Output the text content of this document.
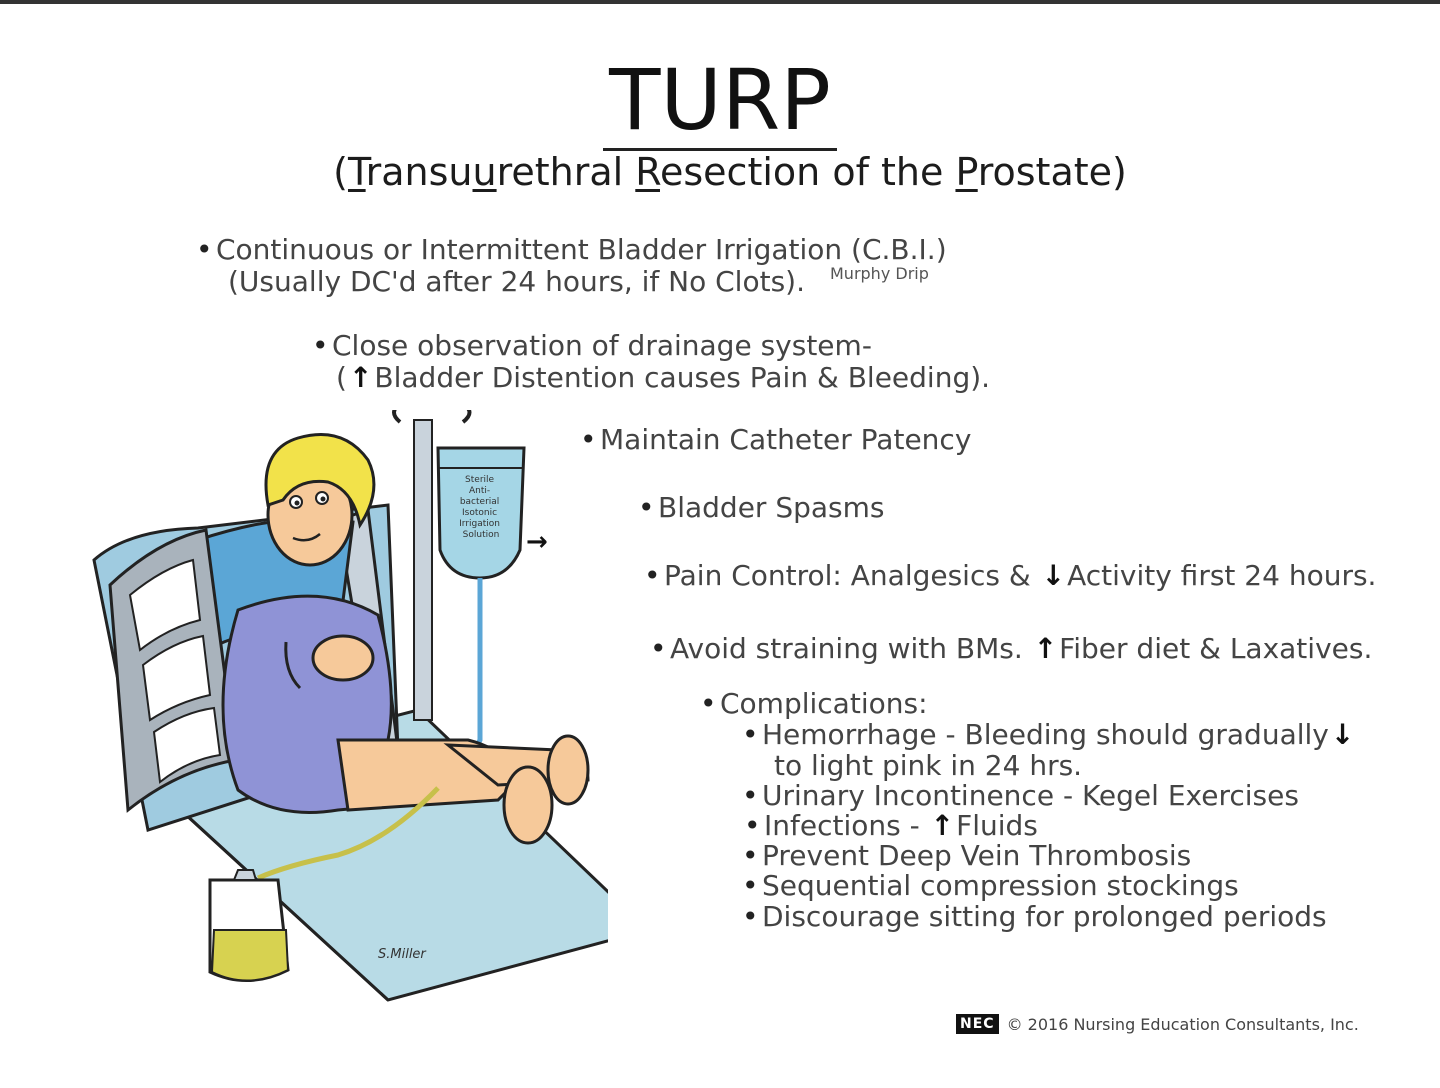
TURP
(Transuurethral Resection of the Prostate)
• Continuous or Intermittent Bladder Irrigation (C.B.I.)
(Usually DC'd after 24 hours, if No Clots). Murphy Drip
• Close observation of drainage system-
(↑Bladder Distention causes Pain & Bleeding).
• Maintain Catheter Patency
• Bladder Spasms
• Pain Control: Analgesics & ↓Activity first 24 hours.
• Avoid straining with BMs. ↑Fiber diet & Laxatives.
• Complications:
• Hemorrhage - Bleeding should gradually↓
to light pink in 24 hrs.
• Urinary Incontinence - Kegel Exercises
• Infections - ↑Fluids
• Prevent Deep Vein Thrombosis
• Sequential compression stockings
• Discourage sitting for prolonged periods
Sterile Anti- bacterial Isotonic Irrigation Solution →
S.Miller
NEC © 2016 Nursing Education Consultants, Inc.
